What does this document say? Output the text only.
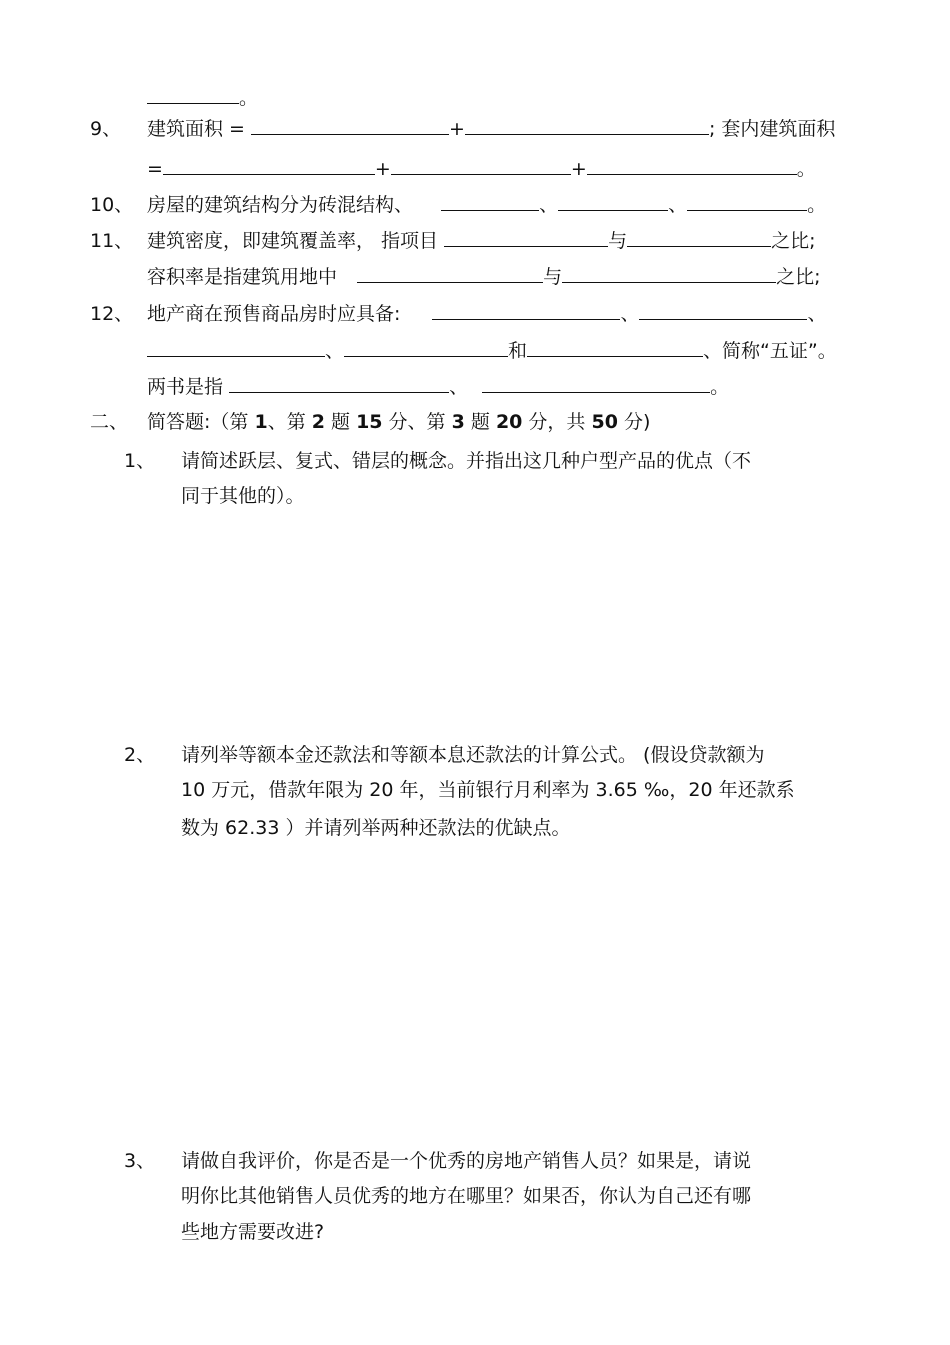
。
9、 建筑面积 =	+	; 套内建筑面积
=	+	+	。
10、 房屋的建筑结构分为砖混结构、	、	、	。
11、 建筑密度，即建筑覆盖率， 指项目	与	之比;
容积率是指建筑用地中	与	之比;
12、 地产商在预售商品房时应具备:	、	、
、	和	、简称“五证”。
两书是指	、	。
二、 简答题:（第 1、第 2 题 15 分、第 3 题 20 分，共 50 分)
1、 请简述跃层、复式、错层的概念。并指出这几种户型产品的优点（不
同于其他的）。
2、 请列举等额本金还款法和等额本息还款法的计算公式。 (假设贷款额为
10 万元，借款年限为 20 年，当前银行月利率为 3.65 ‰，20 年还款系
数为 62.33 ）并请列举两种还款法的优缺点。
3、 请做自我评价，你是否是一个优秀的房地产销售人员？如果是，请说
明你比其他销售人员优秀的地方在哪里？如果否，你认为自己还有哪
些地方需要改进?
